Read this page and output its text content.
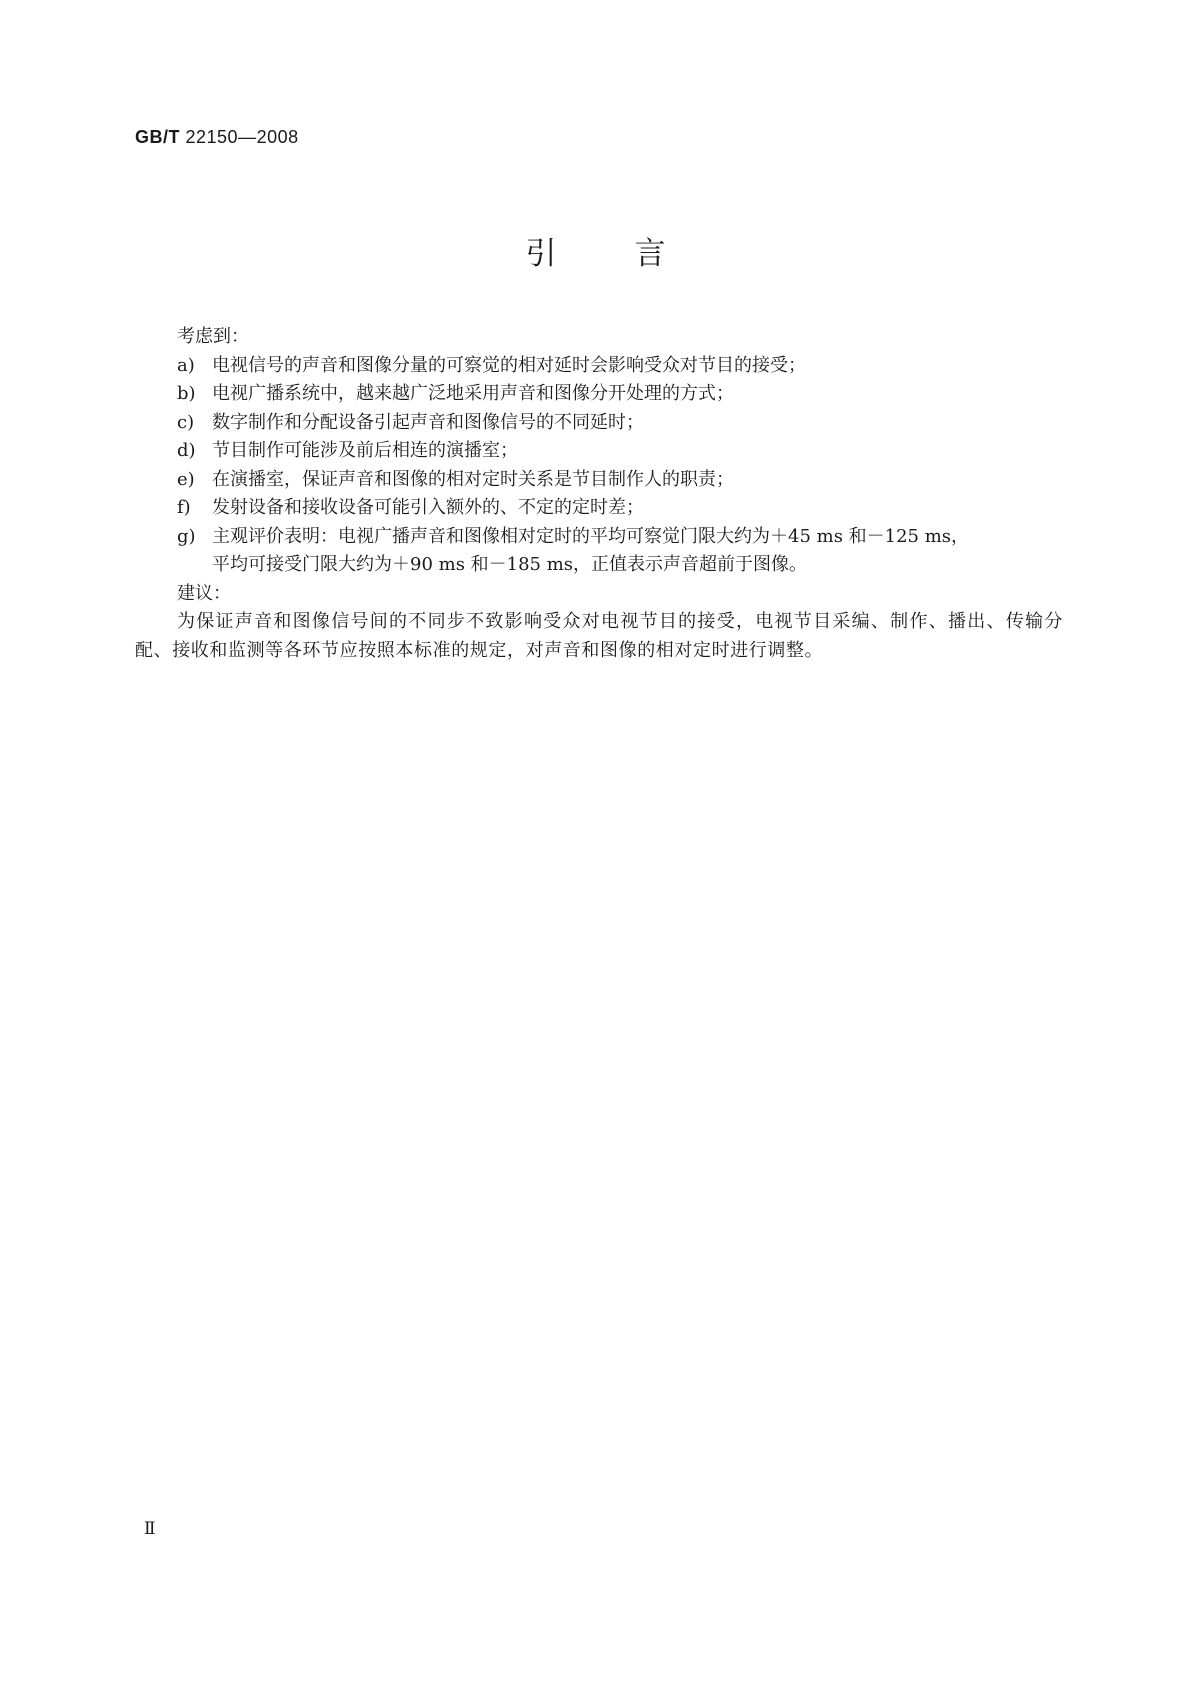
GB/T 22150—2008
引言
考虑到：
a) 电视信号的声音和图像分量的可察觉的相对延时会影响受众对节目的接受；
b) 电视广播系统中，越来越广泛地采用声音和图像分开处理的方式；
c) 数字制作和分配设备引起声音和图像信号的不同延时；
d) 节目制作可能涉及前后相连的演播室；
e) 在演播室，保证声音和图像的相对定时关系是节目制作人的职责；
f) 发射设备和接收设备可能引入额外的、不定的定时差；
g) 主观评价表明：电视广播声音和图像相对定时的平均可察觉门限大约为＋45 ms 和－125 ms，
平均可接受门限大约为＋90 ms 和－185 ms，正值表示声音超前于图像。
建议：
为保证声音和图像信号间的不同步不致影响受众对电视节目的接受，电视节目采编、制作、播出、传输分配、接收和监测等各环节应按照本标准的规定，对声音和图像的相对定时进行调整。
Ⅱ
